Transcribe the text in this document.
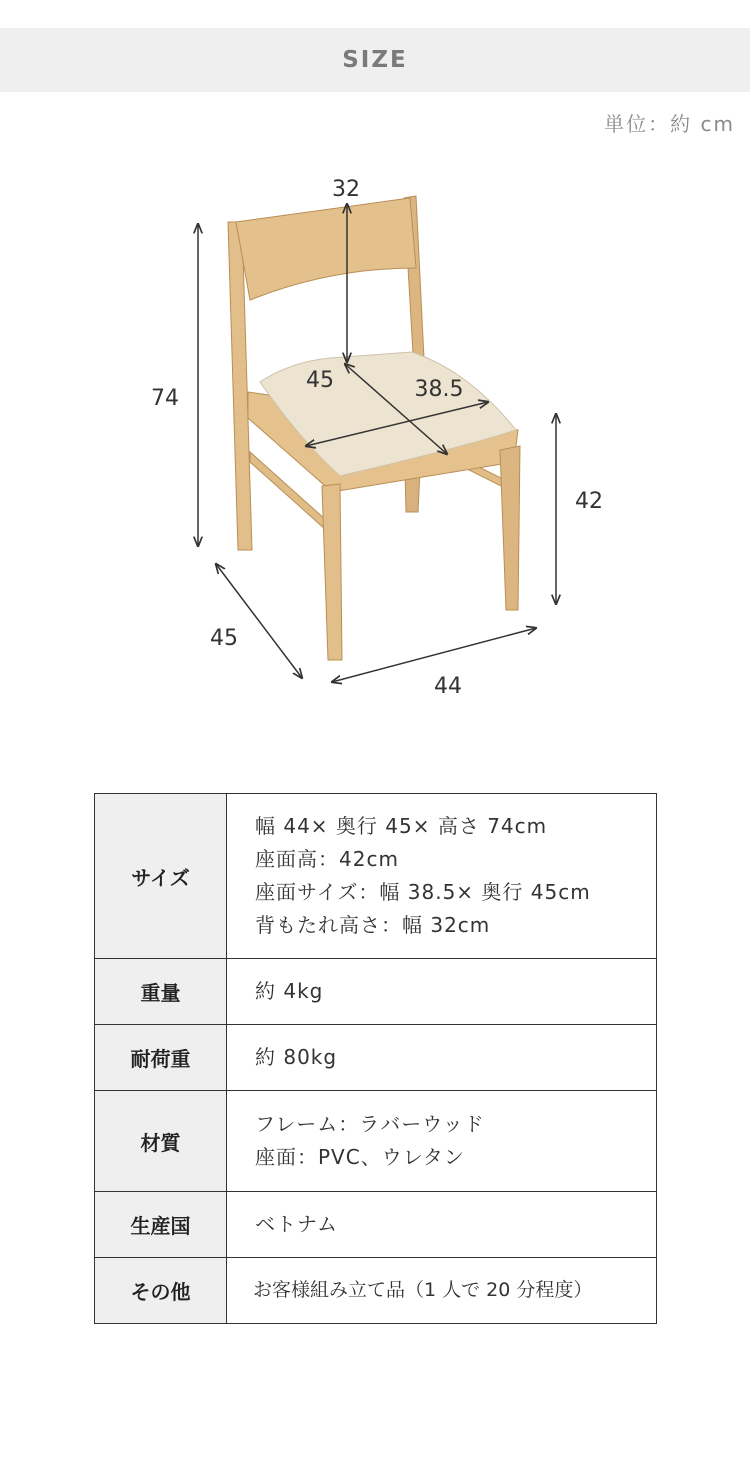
SIZE
単位：約 cm
32
74
45	38.5
42
45
44
サイズ	幅 44× 奥行 45× 高さ 74cm
座面高：42cm
座面サイズ：幅 38.5× 奥行 45cm
背もたれ高さ：幅 32cm

重量	約 4kg

耐荷重	約 80kg

材質	フレーム：ラバーウッド
座面：PVC、ウレタン

生産国	ベトナム

その他	お客様組み立て品（1 人で 20 分程度）
